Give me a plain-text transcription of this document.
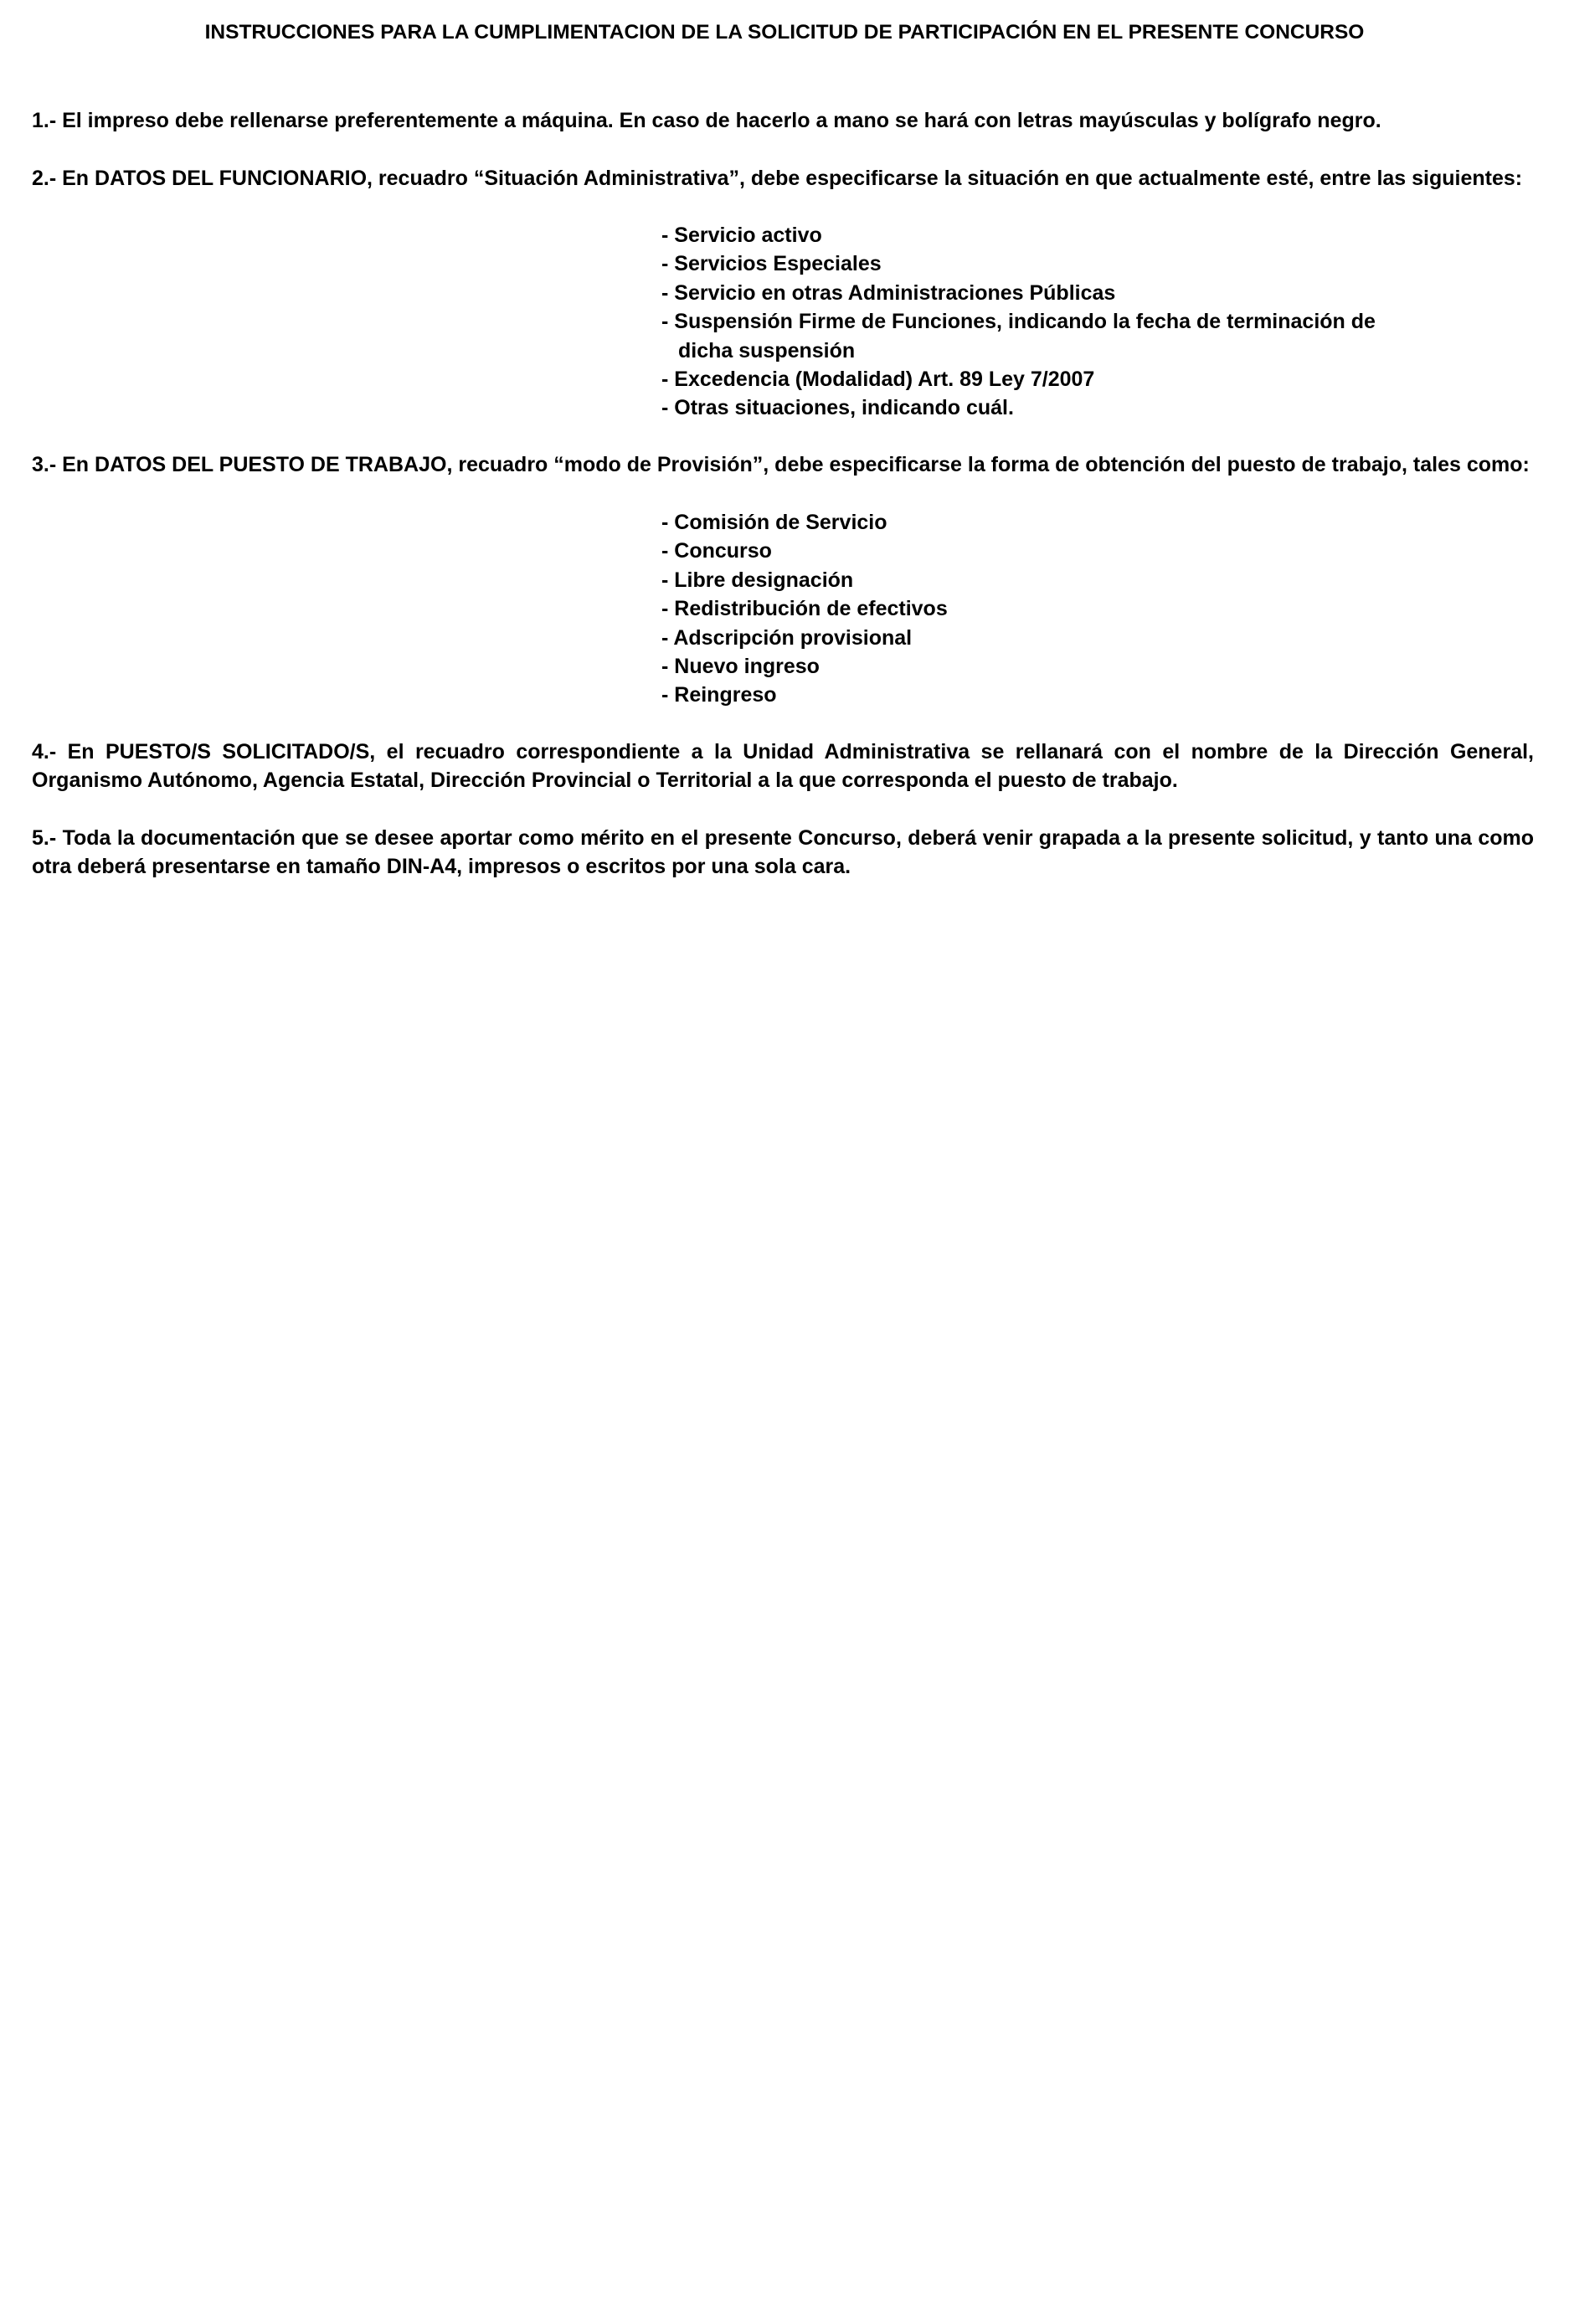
INSTRUCCIONES PARA LA CUMPLIMENTACION DE LA SOLICITUD DE PARTICIPACIÓN EN EL PRESENTE CONCURSO

1.- El impreso debe rellenarse preferentemente a máquina. En caso de hacerlo a mano se hará con letras mayúsculas y bolígrafo negro.

2.- En DATOS DEL FUNCIONARIO, recuadro “Situación Administrativa”, debe especificarse la situación en que actualmente esté, entre las siguientes:

- Servicio activo
- Servicios Especiales
- Servicio en otras Administraciones Públicas
- Suspensión Firme de Funciones, indicando la fecha de terminación de
dicha suspensión
- Excedencia (Modalidad) Art. 89 Ley 7/2007
- Otras situaciones, indicando cuál.

3.- En DATOS DEL PUESTO DE TRABAJO, recuadro “modo de Provisión”, debe especificarse la forma de obtención del puesto de trabajo, tales como:

- Comisión de Servicio
- Concurso
- Libre designación
- Redistribución de efectivos
- Adscripción provisional
- Nuevo ingreso
- Reingreso

4.- En PUESTO/S SOLICITADO/S, el recuadro correspondiente a la Unidad Administrativa se rellanará con el nombre de la Dirección General, Organismo Autónomo, Agencia Estatal, Dirección Provincial o Territorial a la que corresponda el puesto de trabajo.

5.- Toda la documentación que se desee aportar como mérito en el presente Concurso, deberá venir grapada a la presente solicitud, y tanto una como otra deberá presentarse en tamaño DIN-A4, impresos o escritos por una sola cara.
